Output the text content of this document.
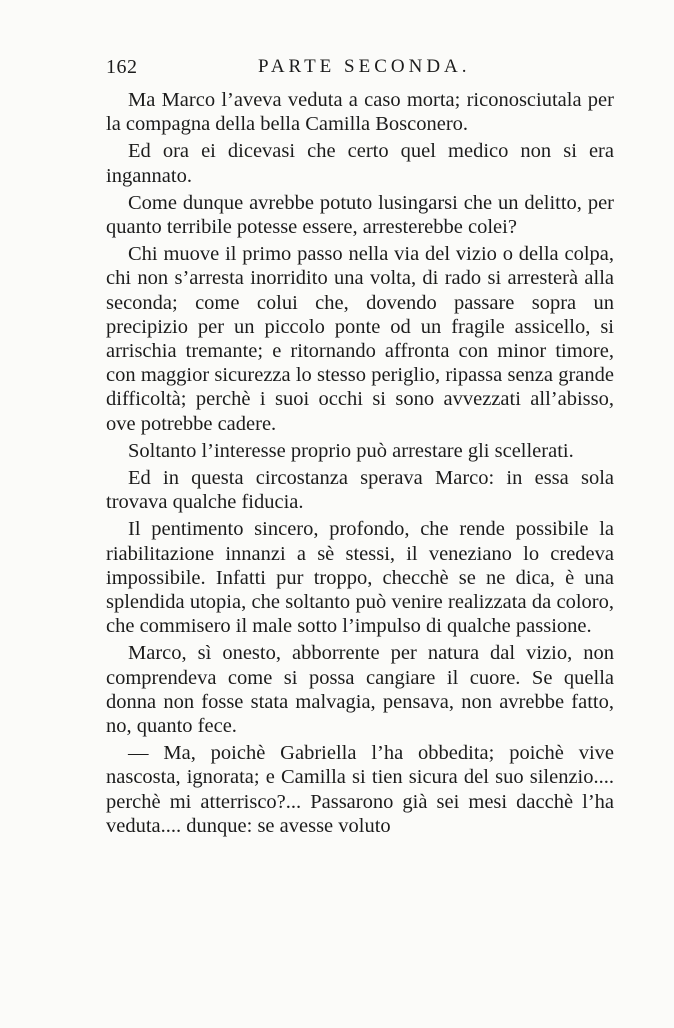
162	PARTE SECONDA.

Ma Marco l’aveva veduta a caso morta; riconosciutala per la compagna della bella Camilla Bosconero.

Ed ora ei dicevasi che certo quel medico non si era ingannato.

Come dunque avrebbe potuto lusingarsi che un delitto, per quanto terribile potesse essere, arresterebbe colei?

Chi muove il primo passo nella via del vizio o della colpa, chi non s’arresta inorridito una volta, di rado si arresterà alla seconda; come colui che, dovendo passare sopra un precipizio per un piccolo ponte od un fragile assicello, si arrischia tremante; e ritornando affronta con minor timore, con maggior sicurezza lo stesso periglio, ripassa senza grande difficoltà; perchè i suoi occhi si sono avvezzati all’abisso, ove potrebbe cadere.

Soltanto l’interesse proprio può arrestare gli scellerati.

Ed in questa circostanza sperava Marco: in essa sola trovava qualche fiducia.

Il pentimento sincero, profondo, che rende possibile la riabilitazione innanzi a sè stessi, il veneziano lo credeva impossibile. Infatti pur troppo, checchè se ne dica, è una splendida utopia, che soltanto può venire realizzata da coloro, che commisero il male sotto l’impulso di qualche passione.

Marco, sì onesto, abborrente per natura dal vizio, non comprendeva come si possa cangiare il cuore. Se quella donna non fosse stata malvagia, pensava, non avrebbe fatto, no, quanto fece.

— Ma, poichè Gabriella l’ha obbedita; poichè vive nascosta, ignorata; e Camilla si tien sicura del suo silenzio.... perchè mi atterrisco?... Passarono già sei mesi dacchè l’ha veduta.... dunque: se avesse voluto
